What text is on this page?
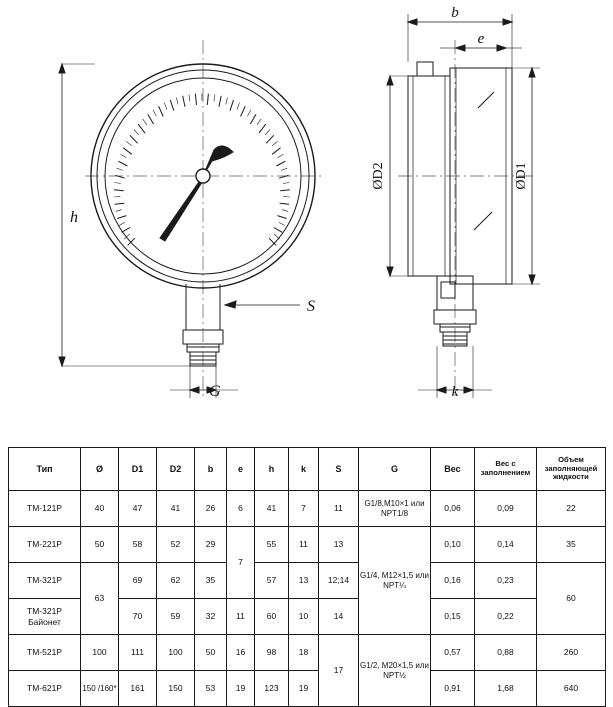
h
G
S
b
e
k
ØD2	ØD1
Тип	Ø	D1	D2	b	e	h	k	S	G	Вес	Вес с заполнением	Объем заполняющей жидкости
ТМ-121Р	40	47	41	26	6	41	7	11	G1/8,M10×1 или NPT1/8	0,06	0,09	22
ТМ-221Р	50	58	52	29	7	55	11	13	G1/4, M12×1,5 или NPT¼	0,10	0,14	35
ТМ-321Р	63	69	62	35		57	13	12;14		0,16	0,23	60
ТМ-321Р Байонет		70	59	32	11	60	10	14		0,15	0,22	
ТМ-521Р	100	111	100	50	16	98	18	17	G1/2, M20×1,5 или NPT½	0,57	0,88	260
ТМ-621Р	150 /160*	161	150	53	19	123	19			0,91	1,68	640
